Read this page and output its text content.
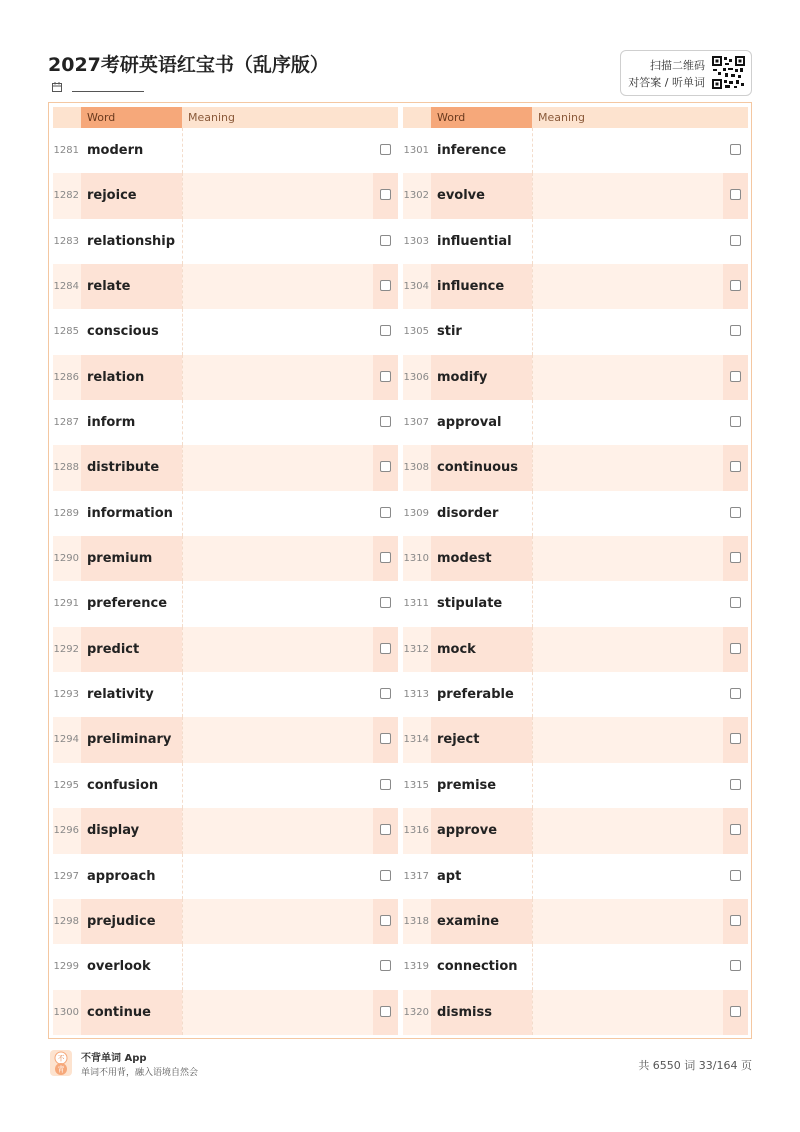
2027考研英语红宝书（乱序版）	扫描二维码
对答案 / 听单词
Word	Meaning
1281 modern
1282 rejoice
1283 relationship
1284 relate
1285 conscious
1286 relation
1287 inform
1288 distribute
1289 information
1290 premium
1291 preference
1292 predict
1293 relativity
1294 preliminary
1295 confusion
1296 display
1297 approach
1298 prejudice
1299 overlook
1300 continue
Word	Meaning
1301 inference
1302 evolve
1303 influential
1304 influence
1305 stir
1306 modify
1307 approval
1308 continuous
1309 disorder
1310 modest
1311 stipulate
1312 mock
1313 preferable
1314 reject
1315 premise
1316 approve
1317 apt
1318 examine
1319 connection
1320 dismiss
不
背
不背单词 App
单词不用背，融入语境自然会
共 6550 词 33/164 页
